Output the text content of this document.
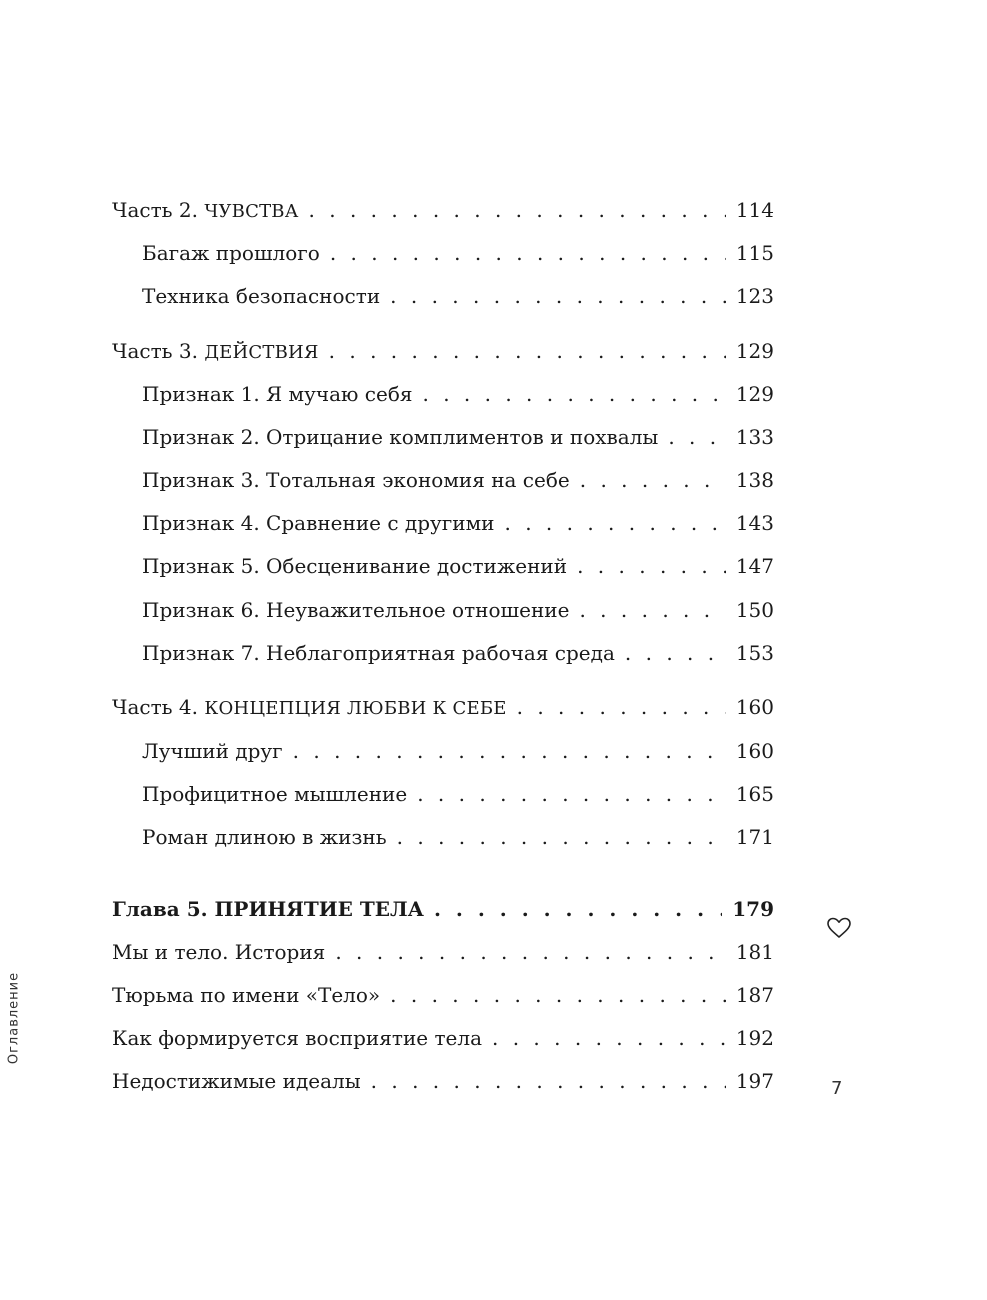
Часть 2. ЧУВСТВА . . .	114
Багаж прошлого . . .	115
Техника безопасности . . .	123
Часть 3. ДЕЙСТВИЯ . . .	129
Признак 1. Я мучаю себя . . .	129
Признак 2. Отрицание комплиментов и похвалы . . .	133
Признак 3. Тотальная экономия на себе . . .	138
Признак 4. Сравнение с другими . . .	143
Признак 5. Обесценивание достижений . . .	147
Признак 6. Неуважительное отношение . . .	150
Признак 7. Неблагоприятная рабочая среда . . .	153
Часть 4. КОНЦЕПЦИЯ ЛЮБВИ К СЕБЕ . . .	160
Лучший друг . . .	160
Профицитное мышление . . .	165
Роман длиною в жизнь . . .	171
Глава 5. ПРИНЯТИЕ ТЕЛА . . .	179
Мы и тело. История . . .	181
Тюрьма по имени «Тело» . . .	187
Как формируется восприятие тела . . .	192
Недостижимые идеалы . . .	197
Оглавление
7
